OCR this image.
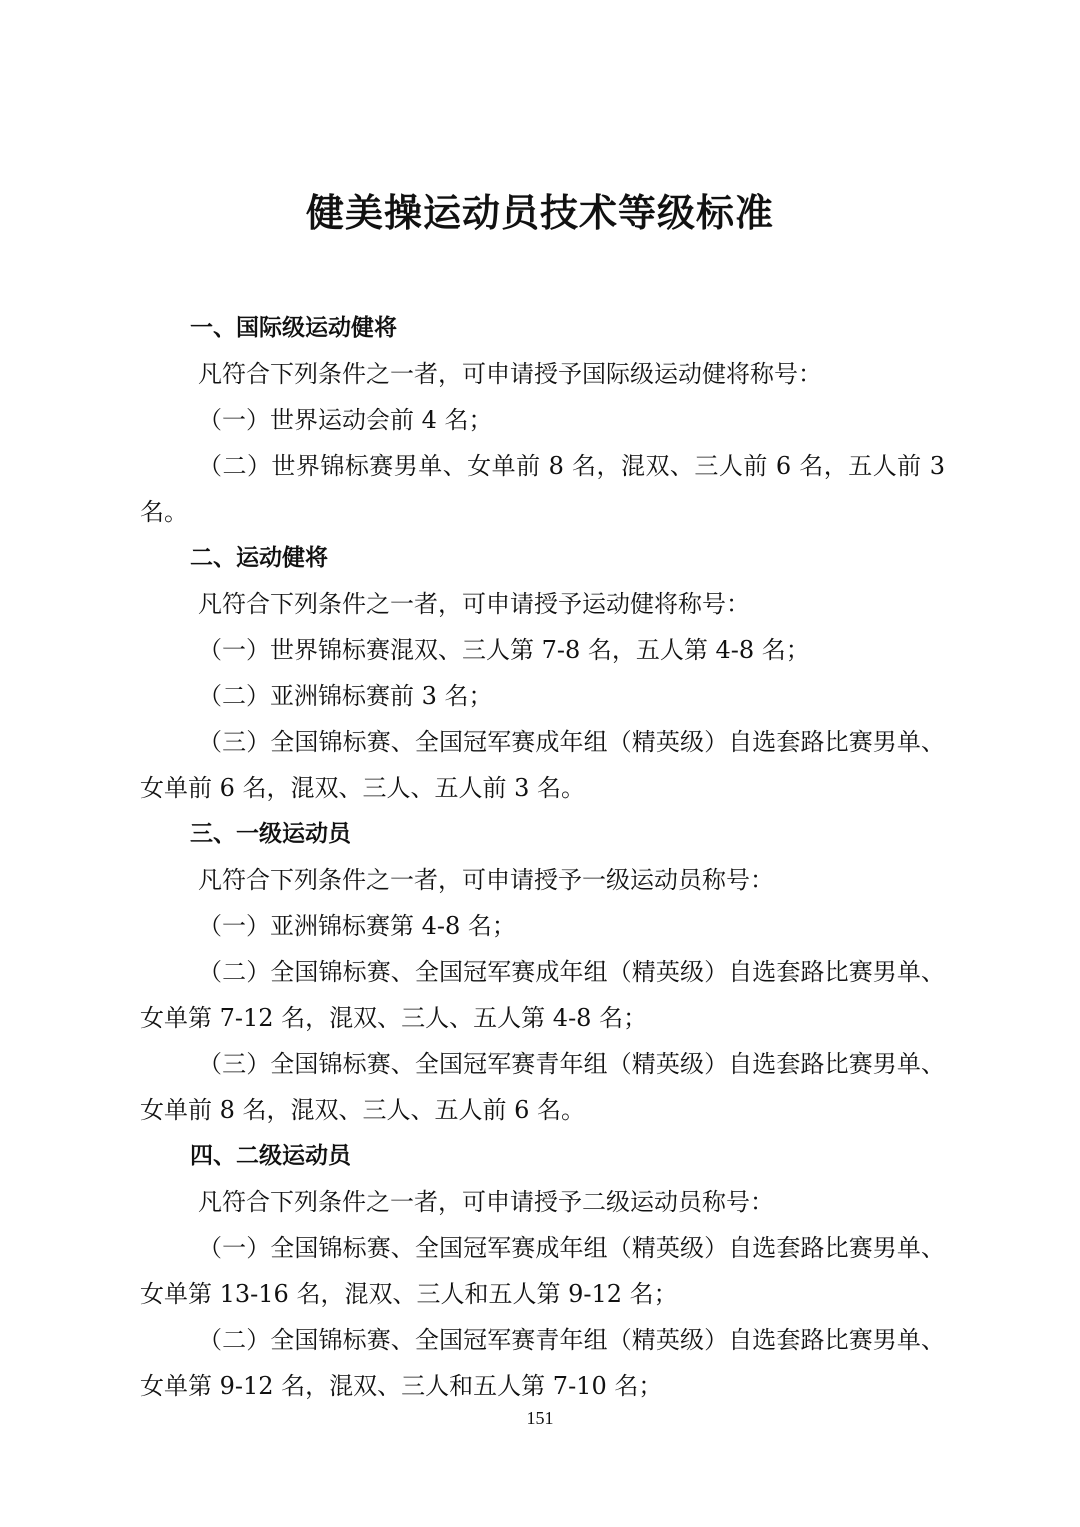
健美操运动员技术等级标准

一、国际级运动健将

凡符合下列条件之一者，可申请授予国际级运动健将称号：

（一）世界运动会前 4 名；

（二）世界锦标赛男单、女单前 8 名，混双、三人前 6 名，五人前 3 名。

二、运动健将

凡符合下列条件之一者，可申请授予运动健将称号：

（一）世界锦标赛混双、三人第 7-8 名，五人第 4-8 名；

（二）亚洲锦标赛前 3 名；

（三）全国锦标赛、全国冠军赛成年组（精英级）自选套路比赛男单、女单前 6 名，混双、三人、五人前 3 名。

三、一级运动员

凡符合下列条件之一者，可申请授予一级运动员称号：

（一）亚洲锦标赛第 4-8 名；

（二）全国锦标赛、全国冠军赛成年组（精英级）自选套路比赛男单、女单第 7-12 名，混双、三人、五人第 4-8 名；

（三）全国锦标赛、全国冠军赛青年组（精英级）自选套路比赛男单、女单前 8 名，混双、三人、五人前 6 名。

四、二级运动员

凡符合下列条件之一者，可申请授予二级运动员称号：

（一）全国锦标赛、全国冠军赛成年组（精英级）自选套路比赛男单、女单第 13-16 名，混双、三人和五人第 9-12 名；

（二）全国锦标赛、全国冠军赛青年组（精英级）自选套路比赛男单、女单第 9-12 名，混双、三人和五人第 7-10 名；

151
